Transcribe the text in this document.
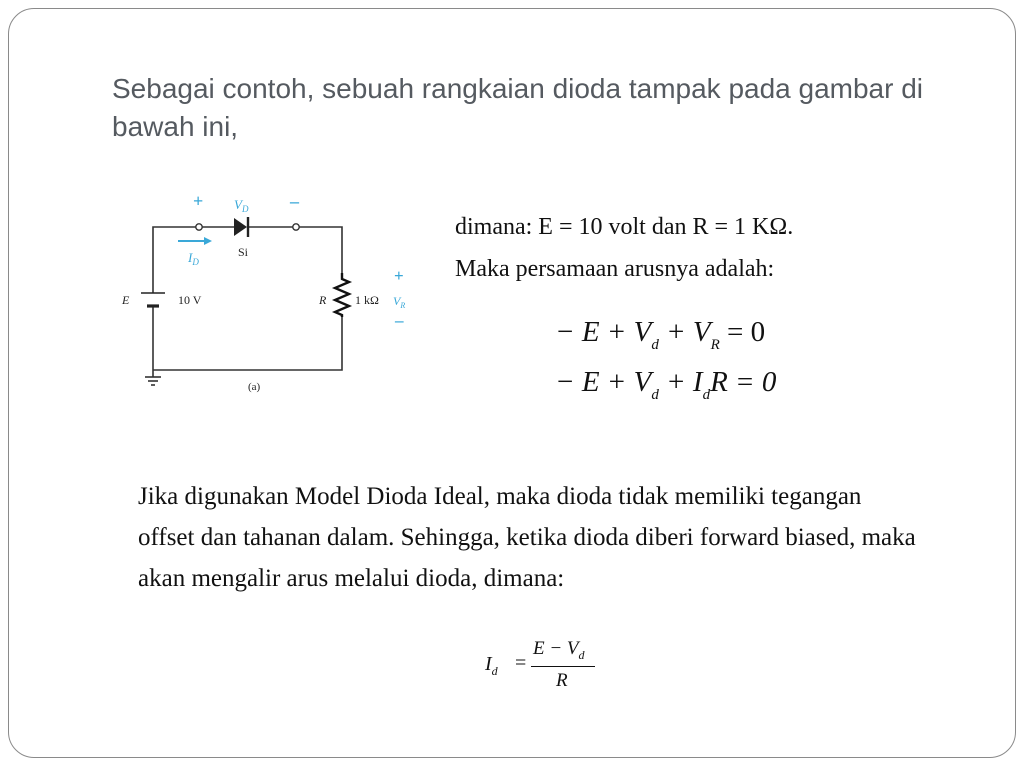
Sebagai contoh, sebuah rangkaian dioda tampak pada gambar di bawah ini,
+	–
$V_D$
$I_D$
Si
E	10 V	R 1 kΩ
+
–
$V_R$
(a)
dimana: E = 10 volt dan R = 1 KΩ.
Maka persamaan arusnya adalah:
− $E + V_d + V_R = 0$
− $E + V_d + I_dR = 0$
Jika digunakan Model Dioda Ideal, maka dioda tidak memiliki tegangan offset dan tahanan dalam. Sehingga, ketika dioda diberi forward biased, maka akan mengalir arus melalui dioda, dimana:
$I_d$ =
$E - V_d$
R
